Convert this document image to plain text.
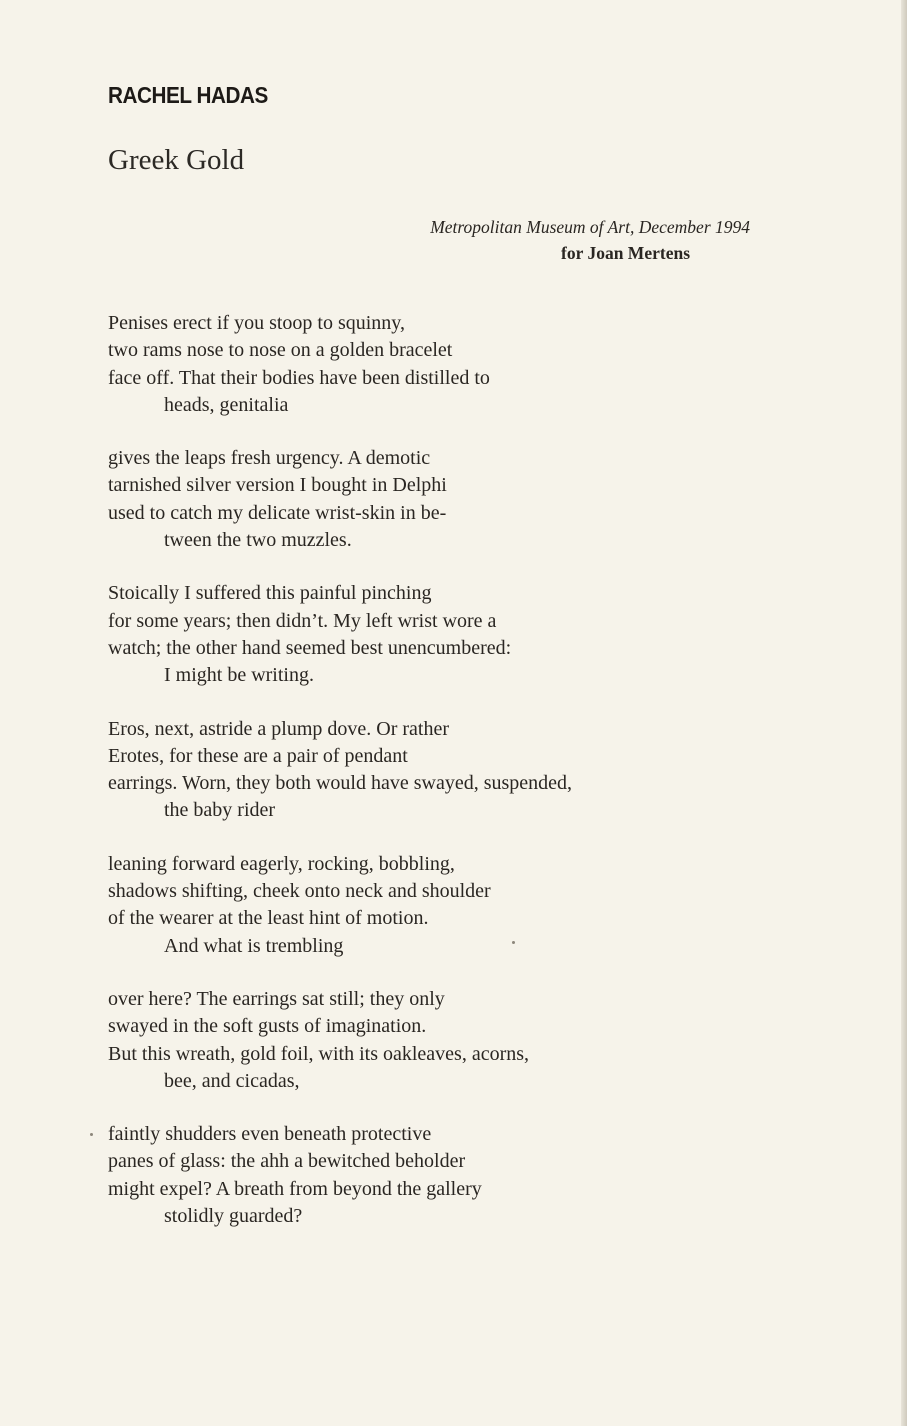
RACHEL HADAS
Greek Gold
Metropolitan Museum of Art, December 1994
for Joan Mertens
Penises erect if you stoop to squinny,
two rams nose to nose on a golden bracelet
face off. That their bodies have been distilled to
heads, genitalia
gives the leaps fresh urgency. A demotic
tarnished silver version I bought in Delphi
used to catch my delicate wrist-skin in be-
tween the two muzzles.
Stoically I suffered this painful pinching
for some years; then didn’t. My left wrist wore a
watch; the other hand seemed best unencumbered:
I might be writing.
Eros, next, astride a plump dove. Or rather
Erotes, for these are a pair of pendant
earrings. Worn, they both would have swayed, suspended,
the baby rider
leaning forward eagerly, rocking, bobbling,
shadows shifting, cheek onto neck and shoulder
of the wearer at the least hint of motion.
And what is trembling
over here? The earrings sat still; they only
swayed in the soft gusts of imagination.
But this wreath, gold foil, with its oakleaves, acorns,
bee, and cicadas,
faintly shudders even beneath protective
panes of glass: the ahh a bewitched beholder
might expel? A breath from beyond the gallery
stolidly guarded?
